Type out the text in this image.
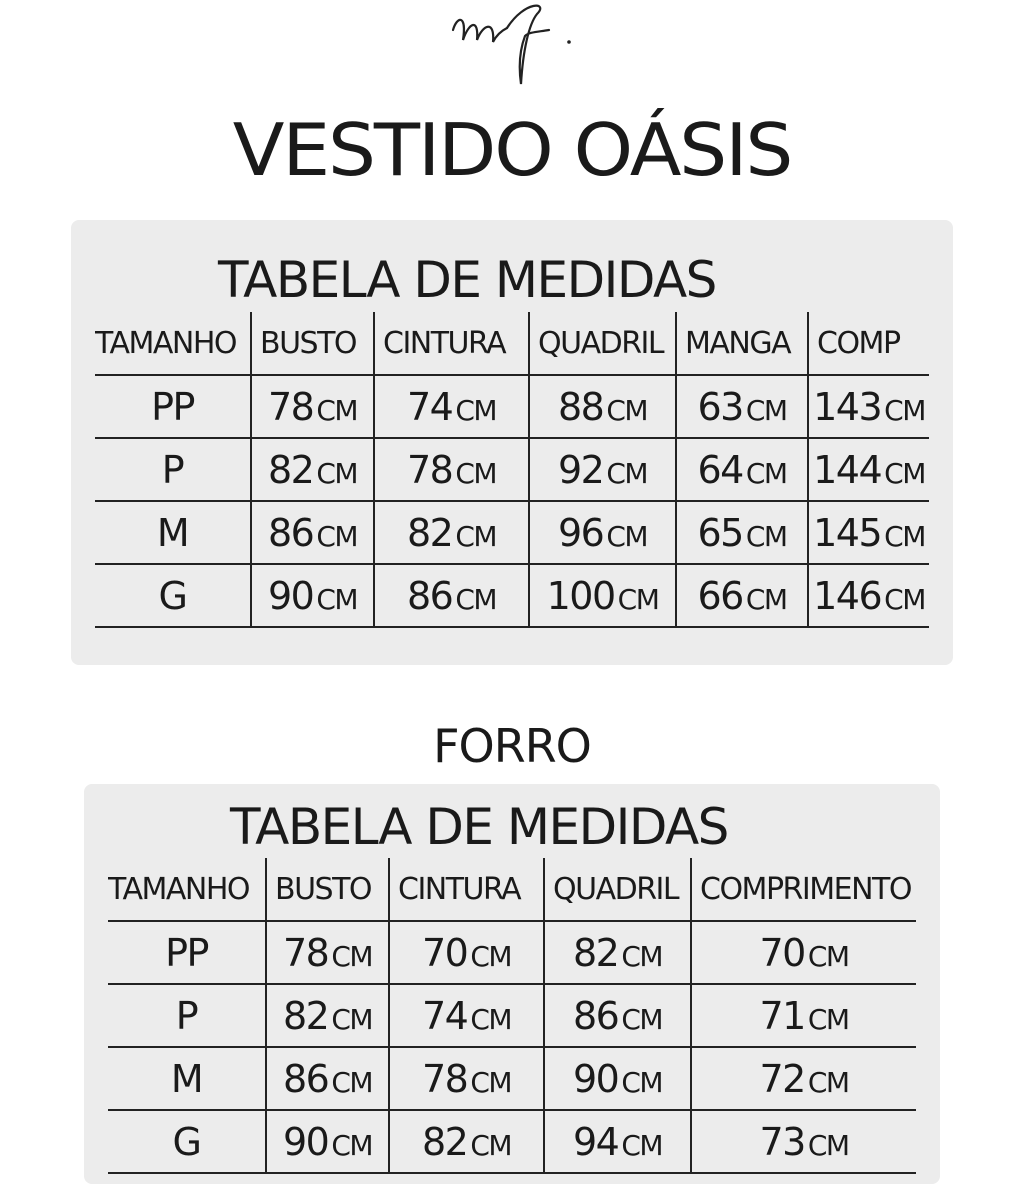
VESTIDO OÁSIS
TABELA DE MEDIDAS
TAMANHO	BUSTO	CINTURA	QUADRIL	MANGA	COMP
PP	78 CM	74 CM	88 CM	63 CM	143 CM
P	82 CM	78 CM	92 CM	64 CM	144 CM
M	86 CM	82 CM	96 CM	65 CM	145 CM
G	90 CM	86 CM	100 CM	66 CM	146 CM
FORRO
TABELA DE MEDIDAS
TAMANHO	BUSTO	CINTURA	QUADRIL	COMPRIMENTO
PP	78 CM	70 CM	82 CM	70 CM
P	82 CM	74 CM	86 CM	71 CM
M	86 CM	78 CM	90 CM	72 CM
G	90 CM	82 CM	94 CM	73 CM
